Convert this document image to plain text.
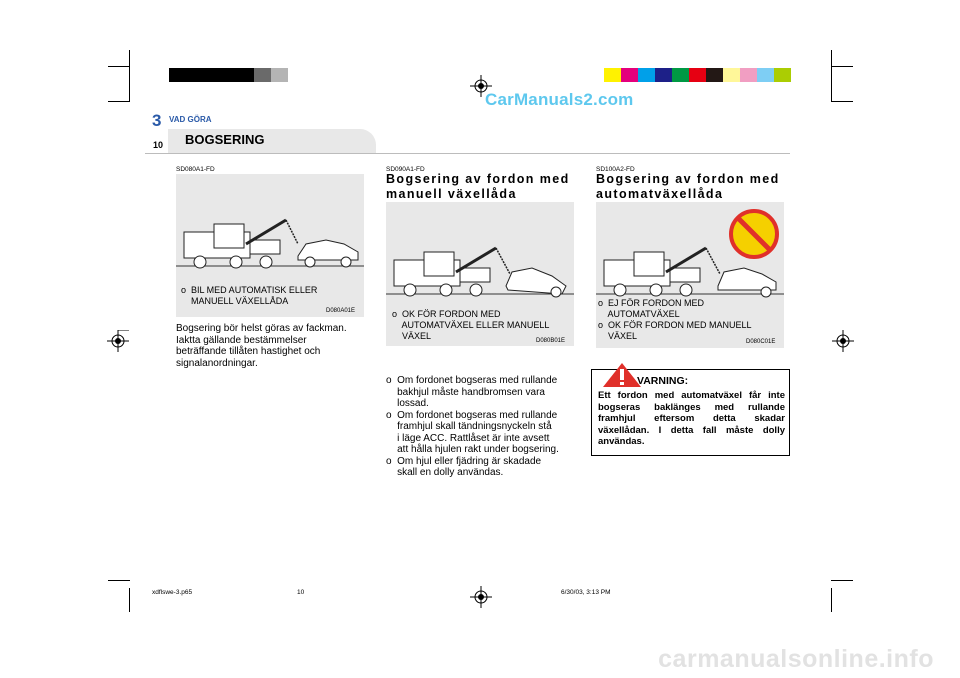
CarManuals2.com
3 VAD GÖRA
BOGSERING
10
SD080A1-FD
o  BIL MED AUTOMATISK ELLER
MANUELL VÄXELLÅDA
D080A01E
Bogsering bör helst göras av fackman.
Iaktta gällande bestämmelser
beträffande tillåten hastighet och
signalanordningar.
SD090A1-FD
Bogsering av fordon med
manuell växellåda
o  OK FÖR FORDON MED
AUTOMATVÄXEL ELLER MANUELL
VÄXEL	D080B01E

o  Om fordonet bogseras med rullande
bakhjul måste handbromsen vara
lossad.
o  Om fordonet bogseras med rullande
framhjul skall tändningsnyckeln stå
i läge ACC. Rattlåset är inte avsett
att hålla hjulen rakt under bogsering.
o  Om hjul eller fjädring är skadade
skall en dolly användas.

SD100A2-FD
Bogsering av fordon med
automatväxellåda
o  EJ FÖR FORDON MED
AUTOMATVÄXEL
o  OK FÖR FORDON MED MANUELL
VÄXEL
D080C01E
VARNING:
Ett fordon med automatväxel får inte bogseras baklänges med rullande framhjul eftersom detta skadar växellådan. I detta fall måste dolly användas.
xdflswe-3.p65	10	6/30/03, 3:13 PM
carmanualsonline.info
